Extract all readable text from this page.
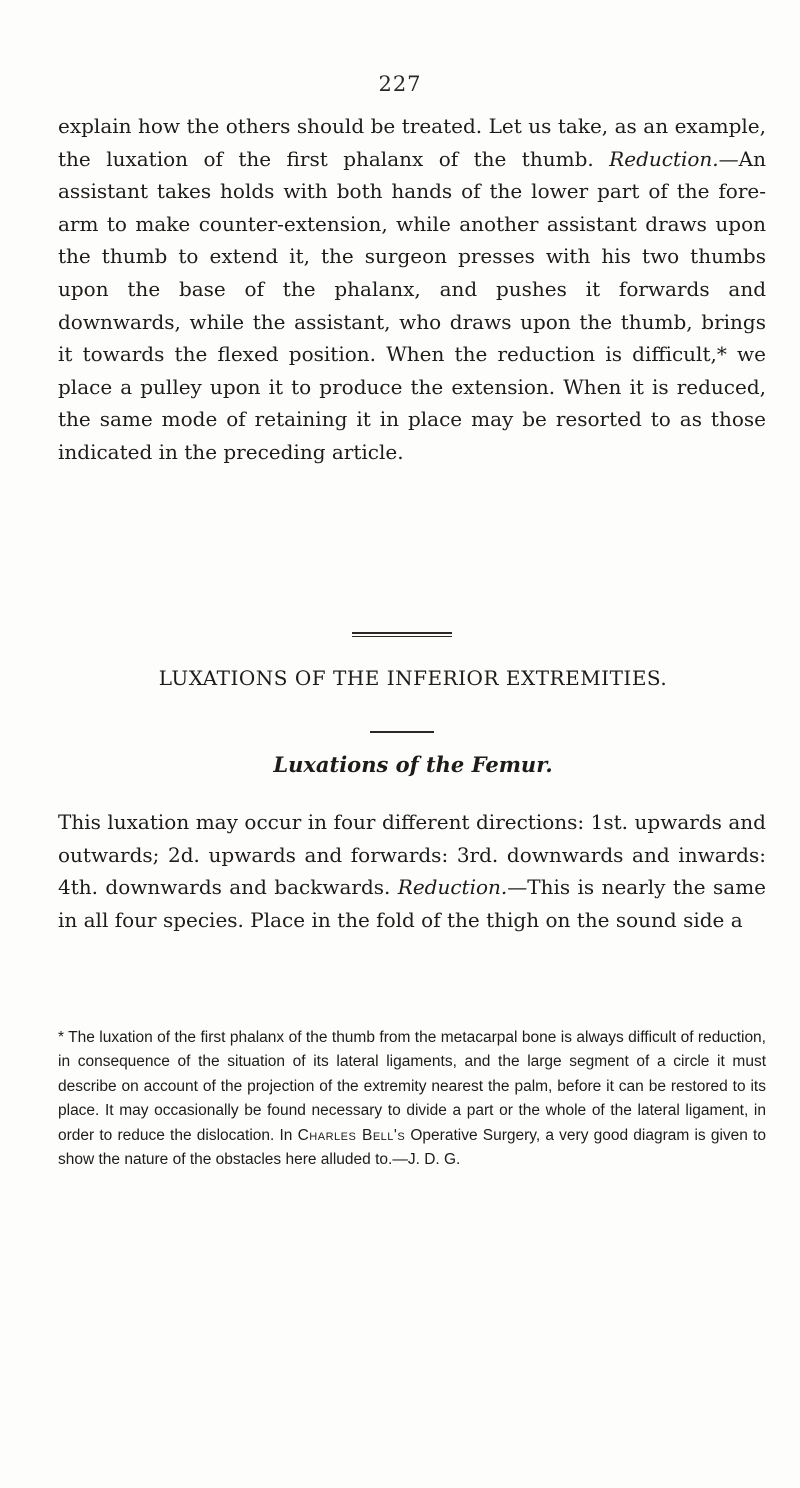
227

explain how the others should be treated. Let us take, as an example, the luxation of the first phalanx of the thumb. Reduction.—An assistant takes holds with both hands of the lower part of the fore-arm to make counter-extension, while another assistant draws upon the thumb to extend it, the surgeon presses with his two thumbs upon the base of the phalanx, and pushes it forwards and downwards, while the assistant, who draws upon the thumb, brings it towards the flexed position. When the reduction is difficult,* we place a pulley upon it to produce the extension. When it is reduced, the same mode of retaining it in place may be resorted to as those indicated in the preceding article.

LUXATIONS OF THE INFERIOR EXTREMITIES.
Luxations of the Femur.

This luxation may occur in four different directions: 1st. upwards and outwards; 2d. upwards and forwards: 3rd. downwards and inwards: 4th. downwards and backwards. Reduction.—This is nearly the same in all four species. Place in the fold of the thigh on the sound side a

* The luxation of the first phalanx of the thumb from the metacarpal bone is always difficult of reduction, in consequence of the situation of its lateral ligaments, and the large segment of a circle it must describe on account of the projection of the extremity nearest the palm, before it can be restored to its place. It may occasionally be found necessary to divide a part or the whole of the lateral ligament, in order to reduce the dislocation. In Charles Bell's Operative Surgery, a very good diagram is given to show the nature of the obstacles here alluded to.—J. D. G.
